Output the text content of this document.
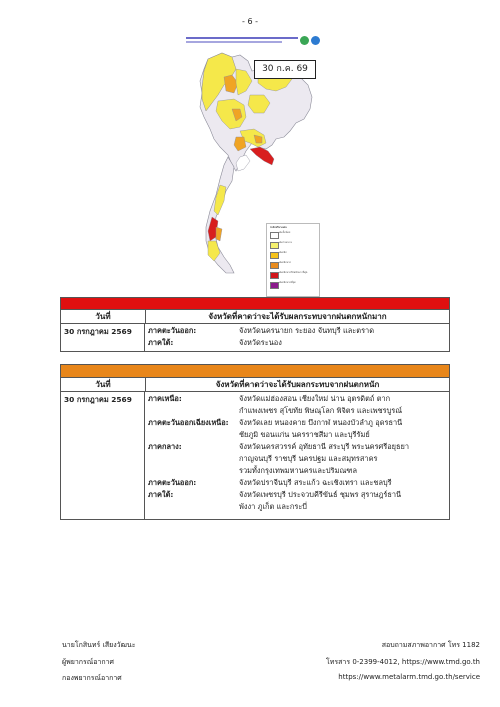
- 6 -
30 ก.ค. 69
ระดับปริมาณฝน
ฝนเล็กน้อย
ฝนปานกลาง
ฝนหนัก
ฝนหนักมาก
ฝนหนักมากถึงหนักมากที่สุด
ฝนหนักมากที่สุด
วันที่	จังหวัดที่คาดว่าจะได้รับผลกระทบจากฝนตกหนักมาก
30 กรกฎาคม 2569	ภาคตะวันออก:	จังหวัดนครนายก ระยอง จันทบุรี และตราด
ภาคใต้:	จังหวัดระนอง
วันที่	จังหวัดที่คาดว่าจะได้รับผลกระทบจากฝนตกหนัก
30 กรกฎาคม 2569	ภาคเหนือ:	จังหวัดแม่ฮ่องสอน เชียงใหม่ น่าน อุตรดิตถ์ ตาก
กำแพงเพชร สุโขทัย พิษณุโลก พิจิตร และเพชรบูรณ์
ภาคตะวันออกเฉียงเหนือ:	จังหวัดเลย หนองคาย บึงกาฬ หนองบัวลำภู อุดรธานี
ชัยภูมิ ขอนแก่น นครราชสีมา และบุรีรัมย์
ภาคกลาง:	จังหวัดนครสวรรค์ อุทัยธานี สระบุรี พระนครศรีอยุธยา
กาญจนบุรี ราชบุรี นครปฐม และสมุทรสาคร
รวมทั้งกรุงเทพมหานครและปริมณฑล
ภาคตะวันออก:	จังหวัดปราจีนบุรี สระแก้ว ฉะเชิงเทรา และชลบุรี
ภาคใต้:	จังหวัดเพชรบุรี ประจวบคีรีขันธ์ ชุมพร สุราษฎร์ธานี
พังงา ภูเก็ต และกระบี่
นายโกสินทร์ เสียงวัฒนะ
ผู้พยากรณ์อากาศ
กองพยากรณ์อากาศ
สอบถามสภาพอากาศ โทร 1182
โทรสาร 0-2399-4012, https://www.tmd.go.th
https://www.metalarm.tmd.go.th/service
